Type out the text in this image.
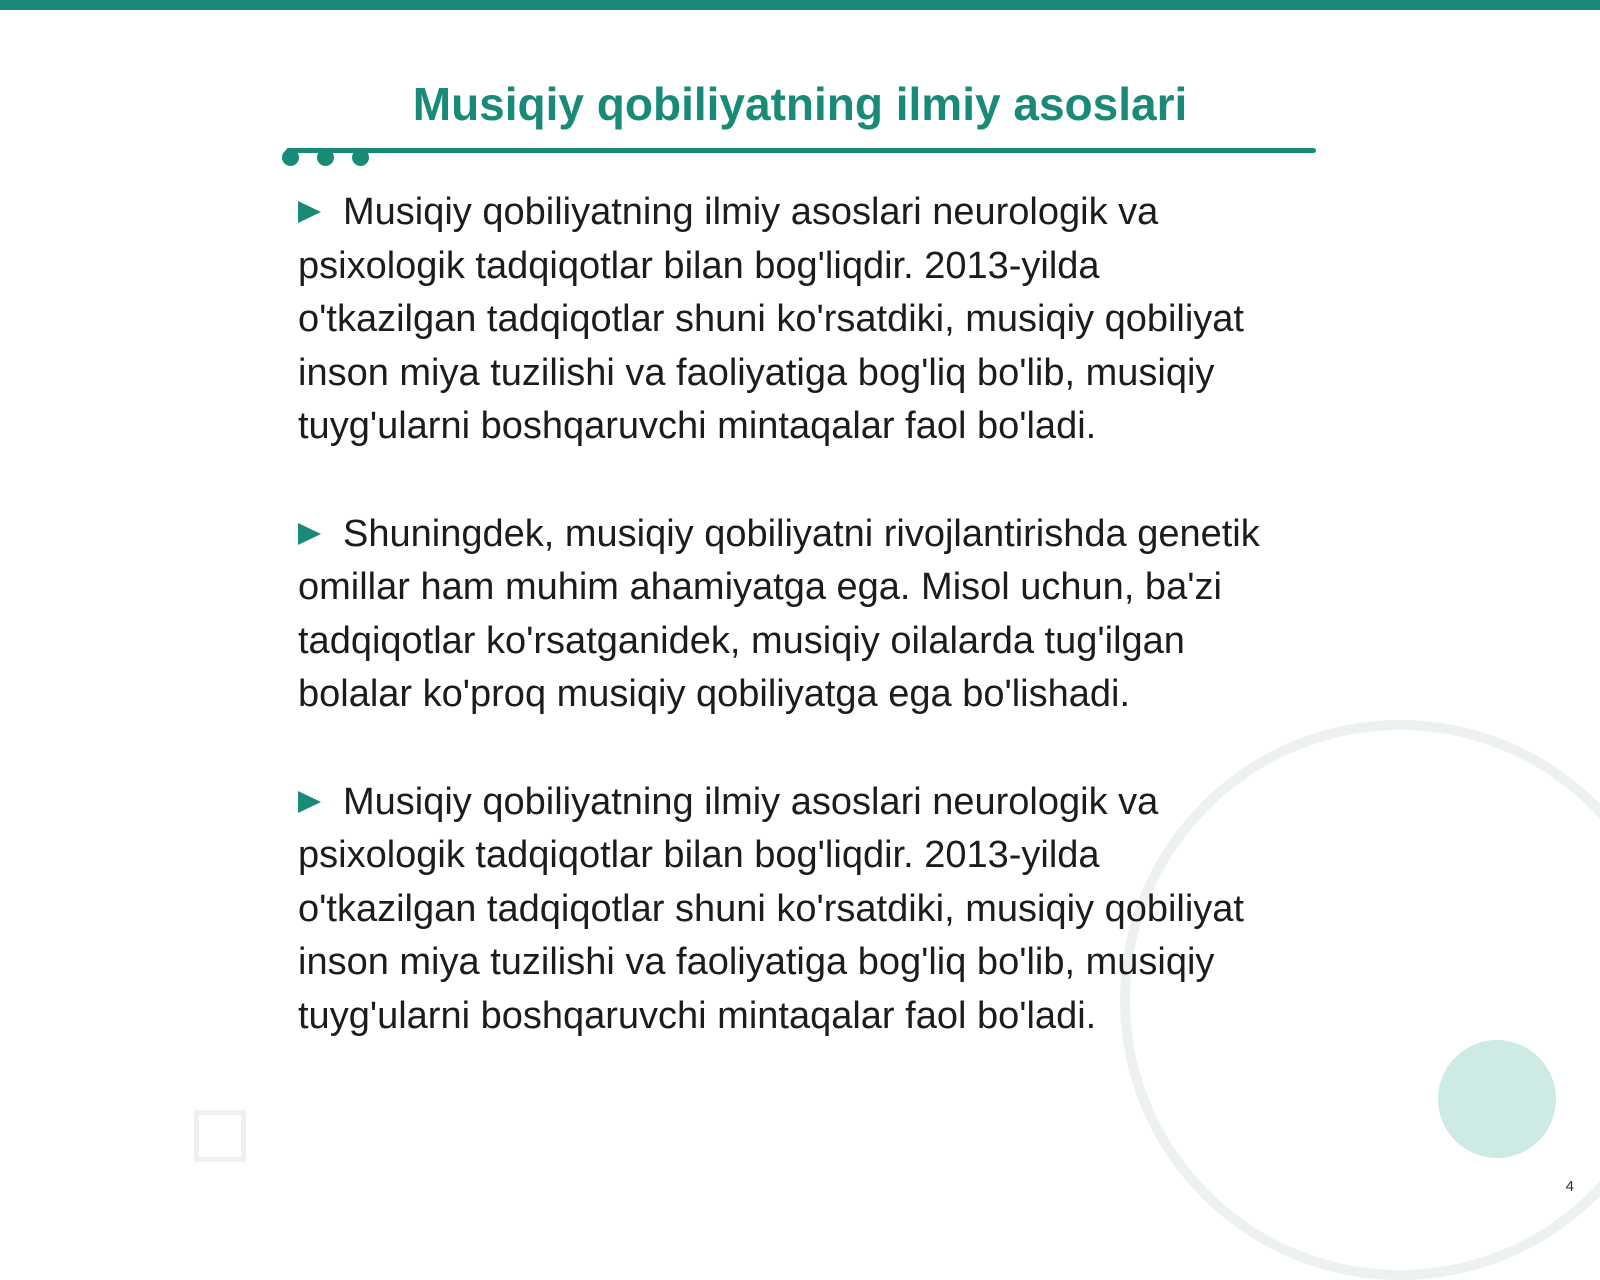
Musiqiy qobiliyatning ilmiy asoslari

Musiqiy qobiliyatning ilmiy asoslari neurologik va psixologik tadqiqotlar bilan bog'liqdir. 2013-yilda o'tkazilgan tadqiqotlar shuni ko'rsatdiki, musiqiy qobiliyat inson miya tuzilishi va faoliyatiga bog'liq bo'lib, musiqiy tuyg'ularni boshqaruvchi mintaqalar faol bo'ladi.

Shuningdek, musiqiy qobiliyatni rivojlantirishda genetik omillar ham muhim ahamiyatga ega. Misol uchun, ba'zi tadqiqotlar ko'rsatganidek, musiqiy oilalarda tug'ilgan bolalar ko'proq musiqiy qobiliyatga ega bo'lishadi.

Musiqiy qobiliyatning ilmiy asoslari neurologik va psixologik tadqiqotlar bilan bog'liqdir. 2013-yilda o'tkazilgan tadqiqotlar shuni ko'rsatdiki, musiqiy qobiliyat inson miya tuzilishi va faoliyatiga bog'liq bo'lib, musiqiy tuyg'ularni boshqaruvchi mintaqalar faol bo'ladi.

4
